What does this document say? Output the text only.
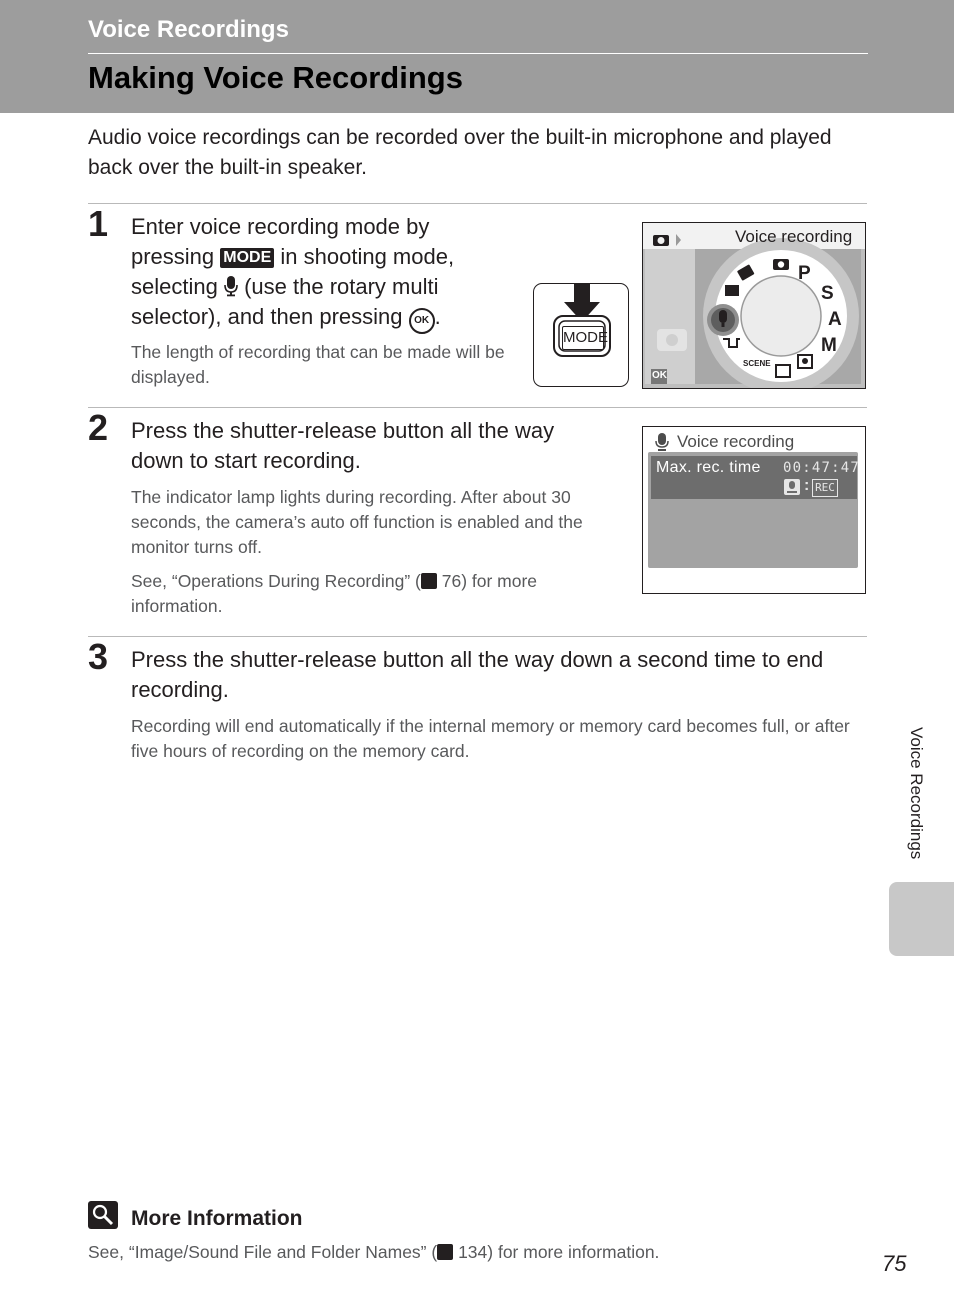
Voice Recordings
Making Voice Recordings
Audio voice recordings can be recorded over the built-in microphone and played back over the built-in speaker.
1 Enter voice recording mode by pressing MODE in shooting mode, selecting (use the rotary multi selector), and then pressing OK .

The length of recording that can be made will be displayed.

MODE
Voice recording
P
S
A
M
SCENE
OK
2 Press the shutter-release button all the way down to start recording.

The indicator lamp lights during recording. After about 30 seconds, the camera’s auto off function is enabled and the monitor turns off.

See, “Operations During Recording” ( 76) for more information.

Voice recording
Max. rec. time 00:47:47
: REC
3 Press the shutter-release button all the way down a second time to end recording.

Recording will end automatically if the internal memory or memory card becomes full, or after five hours of recording on the memory card.	Voice Recordings
More Information
See, “Image/Sound File and Folder Names” ( 134) for more information.	75
